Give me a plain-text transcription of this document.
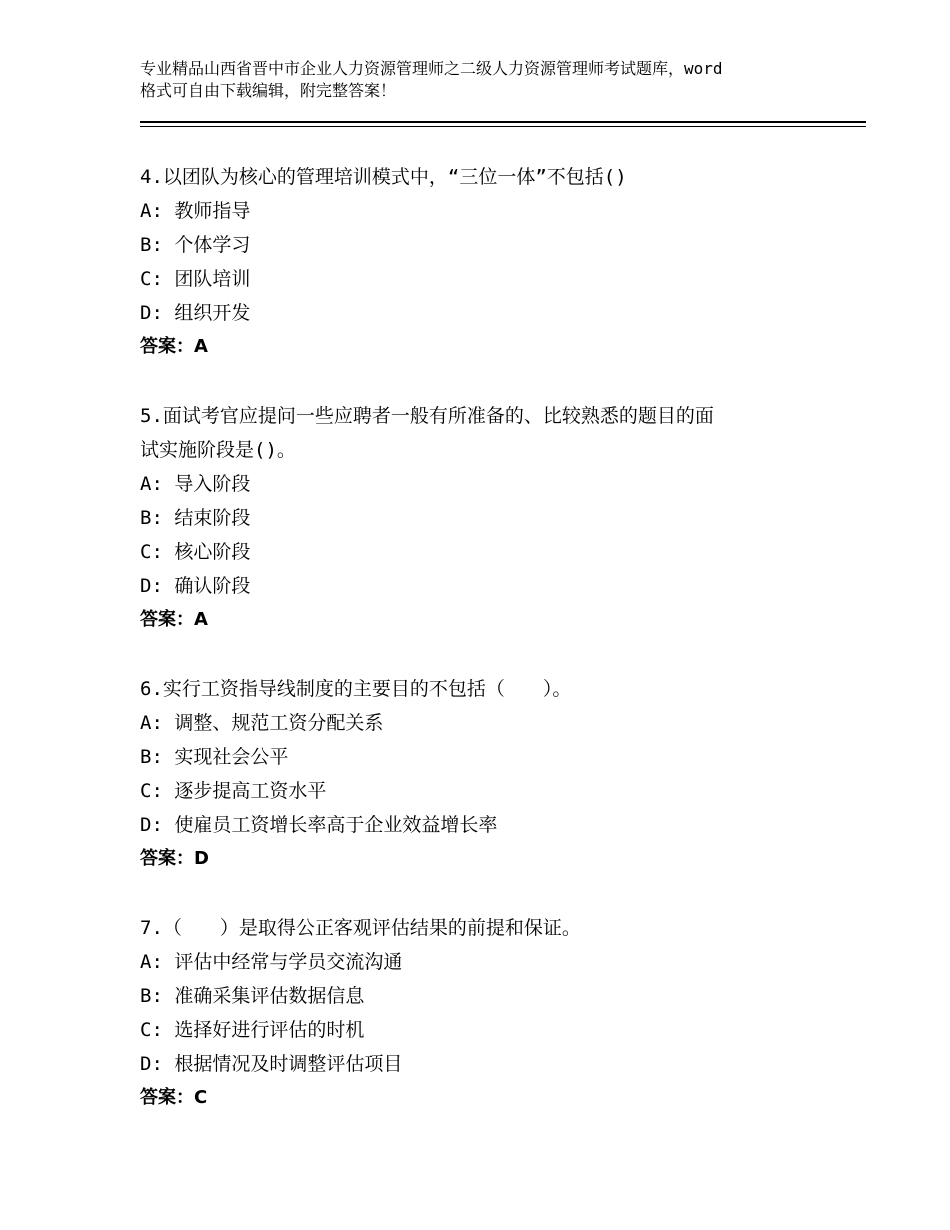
专业精品山西省晋中市企业人力资源管理师之二级人力资源管理师考试题库，word
格式可自由下载编辑，附完整答案！
4.以团队为核心的管理培训模式中，“三位一体”不包括()
A: 教师指导
B: 个体学习
C: 团队培训
D: 组织开发
答案：A
5.面试考官应提问一些应聘者一般有所准备的、比较熟悉的题目的面
试实施阶段是()。
A: 导入阶段
B: 结束阶段
C: 核心阶段
D: 确认阶段
答案：A
6.实行工资指导线制度的主要目的不包括（　　）。
A: 调整、规范工资分配关系
B: 实现社会公平
C: 逐步提高工资水平
D: 使雇员工资增长率高于企业效益增长率
答案：D
7.（　　）是取得公正客观评估结果的前提和保证。
A: 评估中经常与学员交流沟通
B: 准确采集评估数据信息
C: 选择好进行评估的时机
D: 根据情况及时调整评估项目
答案：C
